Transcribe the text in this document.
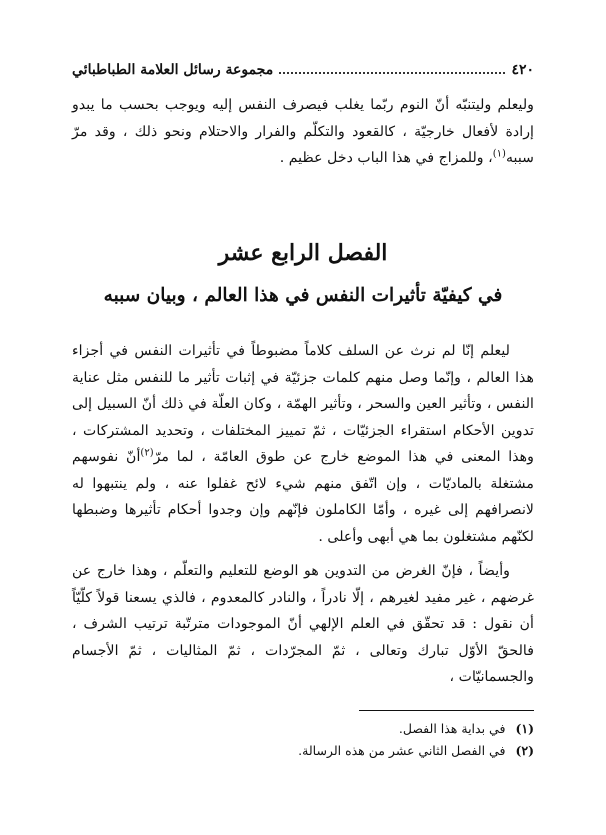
٤٢٠
مجموعة رسائل العلامة الطباطبائي
وليعلم وليتنبّه أنّ النوم ربّما يغلب فيصرف النفس إليه ويوجب بحسب ما يبدو إرادة لأفعال خارجيّة ، كالقعود والتكلّم والفرار والاحتلام ونحو ذلك ، وقد مرّ سببه$^{(١)}$، وللمزاج في هذا الباب دخل عظيم .
الفصل الرابع عشر
في كيفيّة تأثيرات النفس في هذا العالم ، وبيان سببه

ليعلم إنّا لم نرث عن السلف كلاماً مضبوطاً في تأثيرات النفس في أجزاء هذا العالم ، وإنّما وصل منهم كلمات جزئيّة في إثبات تأثير ما للنفس مثل عناية النفس ، وتأثير العين والسحر ، وتأثير الهمّة ، وكان العلّة في ذلك أنّ السبيل إلى تدوين الأحكام استقراء الجزئيّات ، ثمّ تمييز المختلفات ، وتحديد المشتركات ، وهذا المعنى في هذا الموضع خارج عن طوق العامّة ، لما مرّ$^{(٢)}$أنّ نفوسهم مشتغلة بالماديّات ، وإن اتّفق منهم شيء لائح غفلوا عنه ، ولم ينتبهوا له لانصرافهم إلى غيره ، وأمّا الكاملون فإنّهم وإن وجدوا أحكام تأثيرها وضبطها لكنّهم مشتغلون بما هي أبهى وأعلى .

وأيضاً ، فإنّ الغرض من التدوين هو الوضع للتعليم والتعلّم ، وهذا خارج عن غرضهم ، غير مفيد لغيرهم ، إلّا نادراً ، والنادر كالمعدوم ، فالذي يسعنا قولاً كلّيّاً أن نقول : قد تحقّق في العلم الإلهي أنّ الموجودات مترتّبة ترتيب الشرف ، فالحقّ الأوّل تبارك وتعالى ، ثمّ المجرّدات ، ثمّ المثاليات ، ثمّ الأجسام والجسمانيّات ،

(١)
في بداية هذا الفصل.
(٢)
في الفصل الثاني عشر من هذه الرسالة.
